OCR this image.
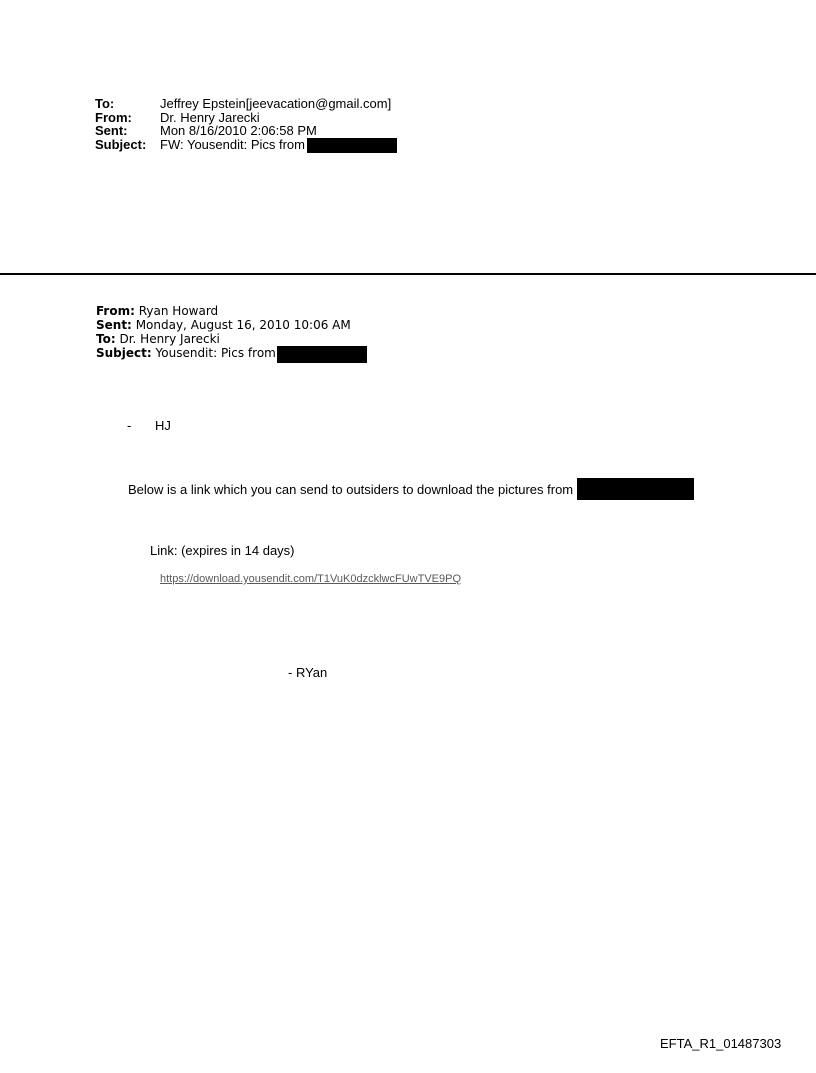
To:	Jeffrey Epstein[jeevacation@gmail.com]
From:	Dr. Henry Jarecki
Sent:	Mon 8/16/2010 2:06:58 PM
Subject:	FW: Yousendit: Pics from
From: Ryan Howard
Sent: Monday, August 16, 2010 10:06 AM
To: Dr. Henry Jarecki
Subject: Yousendit: Pics from
- HJ
Below is a link which you can send to outsiders to download the pictures from
Link: (expires in 14 days)
https://download.yousendit.com/T1VuK0dzcklwcFUwTVE9PQ
- RYan
EFTA_R1_01487303
